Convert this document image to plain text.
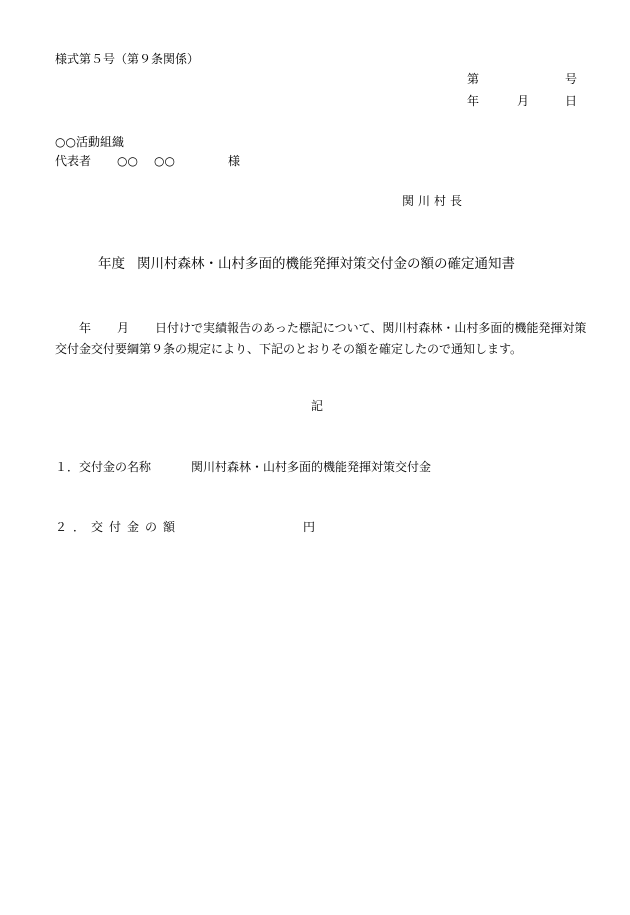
様式第５号（第９条関係）
第	号
年	月	日
○○活動組織
代表者 ○○ ○○	様
関川村長
年度 関川村森林・山村多面的機能発揮対策交付金の額の確定通知書
年 月 日付けで実績報告のあった標記について、関川村森林・山村多面的機能発揮対策交付金交付要綱第９条の規定により、下記のとおりその額を確定したので通知します。
記
１．交付金の名称	関川村森林・山村多面的機能発揮対策交付金
２．交付金の額	円
